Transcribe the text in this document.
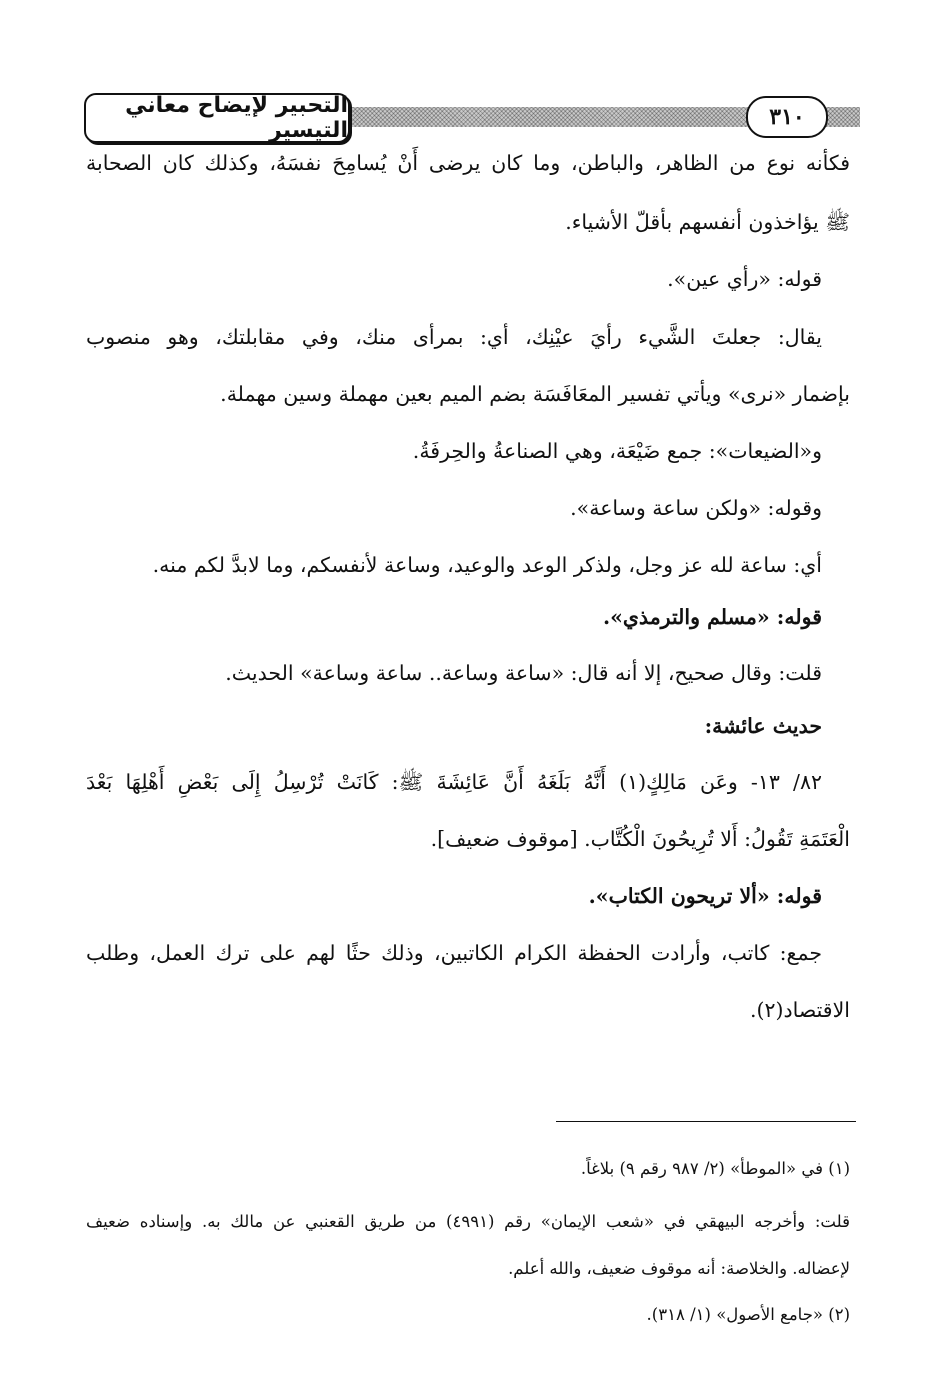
التحبير لإيضاح معاني التيسير
٣١٠
فكأنه نوع من الظاهر، والباطن، وما كان يرضى أَنْ يُسامِحَ نفسَهُ، وكذلك كان الصحابة
ﷺ يؤاخذون أنفسهم بأقلّ الأشياء.
قوله: «رأي عين».
يقال: جعلتَ الشَّيء رأيَ عيْنِك، أي: بمرأى منك، وفي مقابلتك، وهو منصوب
بإضمار «نرى» ويأتي تفسير المعَافَسَة بضم الميم بعين مهملة وسين مهملة.
و«الضيعات»: جمع ضَيْعَة، وهي الصناعةُ والحِرفَةُ.
وقوله: «ولكن ساعة وساعة».
أي: ساعة لله عز وجل، ولذكر الوعد والوعيد، وساعة لأنفسكم، وما لابدَّ لكم منه.
قوله: «مسلم والترمذي».
قلت: وقال صحيح، إلا أنه قال: «ساعة وساعة.. ساعة وساعة» الحديث.
حديث عائشة:
٨٢/ ١٣- وعَن مَالِكٍ(١) أَنَّهُ بَلَغَهُ أَنَّ عَائِشَةَ ﷺ: كَانَتْ تُرْسِلُ إِلَى بَعْضِ أَهْلِهَا بَعْدَ
الْعَتَمَةِ تَقُولُ: أَلا تُرِيحُونَ الْكُتَّاب. [موقوف ضعيف].
قوله: «ألا تريحون الكتاب».
جمع: كاتب، وأرادت الحفظة الكرام الكاتبين، وذلك حثًا لهم على ترك العمل، وطلب
الاقتصاد(٢).
(١) في «الموطأ» (٢/ ٩٨٧ رقم ٩) بلاغاً.
قلت: وأخرجه البيهقي في «شعب الإيمان» رقم (٤٩٩١) من طريق القعنبي عن مالك به. وإسناده ضعيف
لإعضاله. والخلاصة: أنه موقوف ضعيف، والله أعلم.
(٢) «جامع الأصول» (١/ ٣١٨).
